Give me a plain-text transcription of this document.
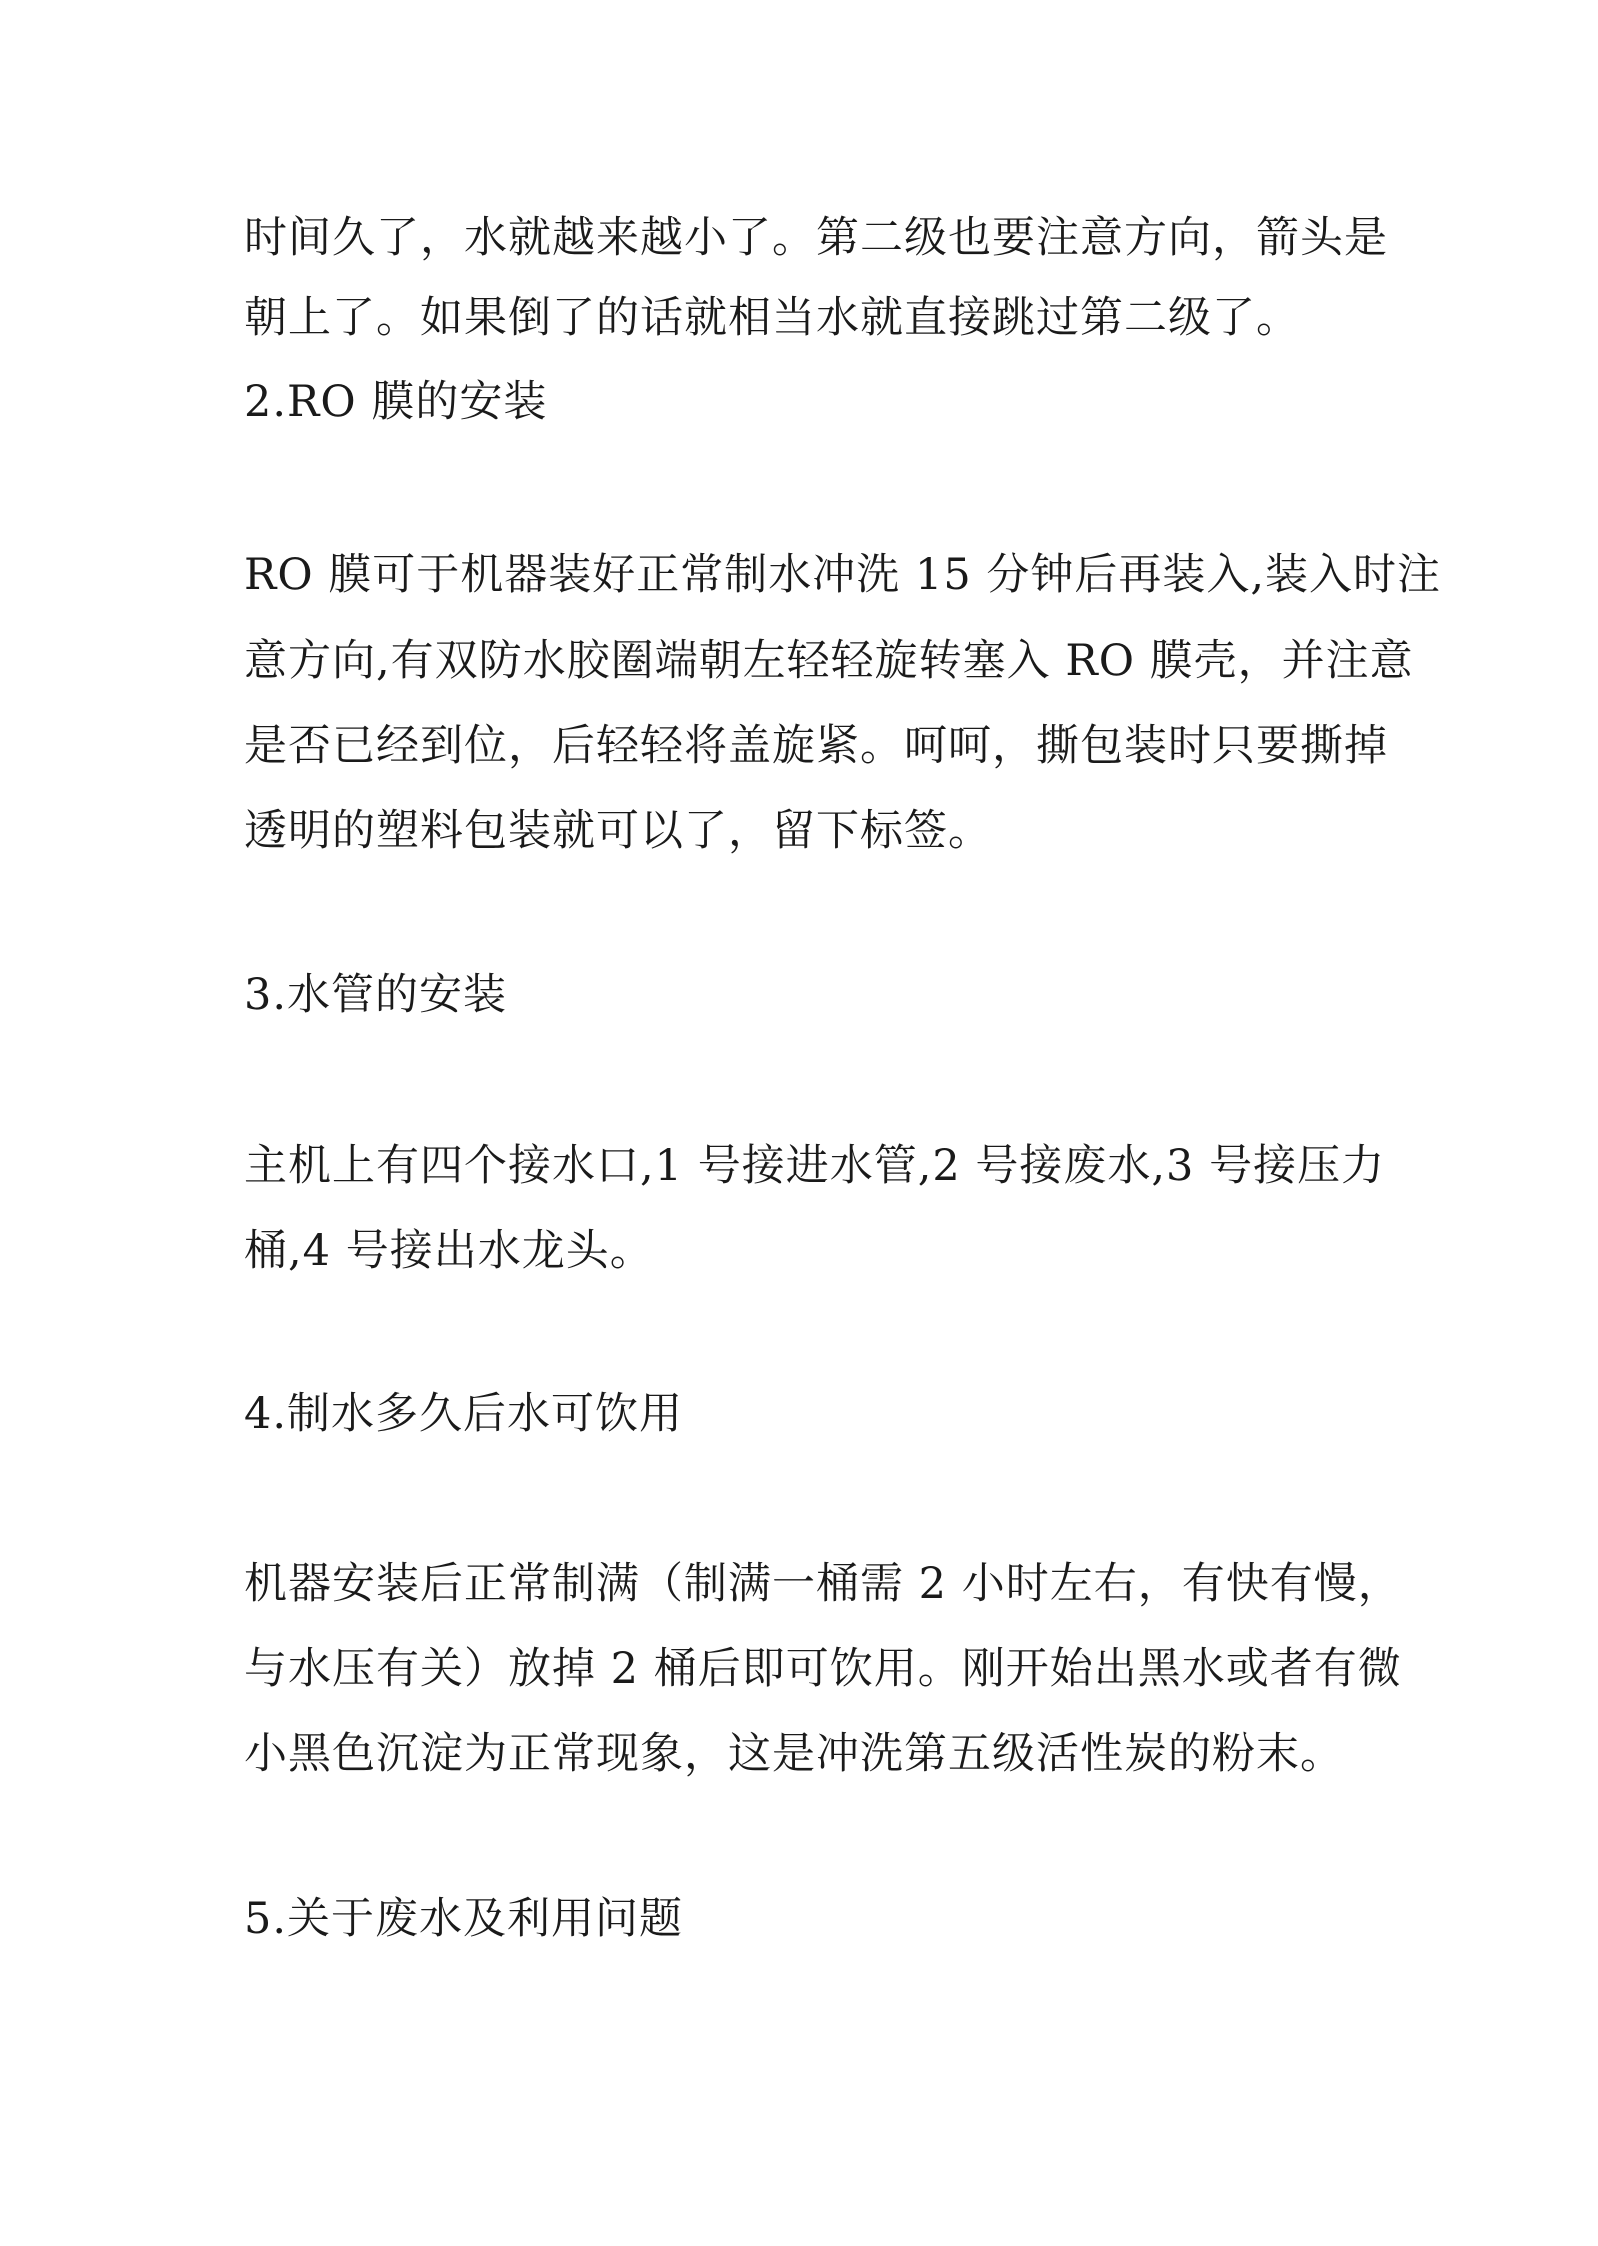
时间久了，水就越来越小了。第二级也要注意方向，箭头是
朝上了。如果倒了的话就相当水就直接跳过第二级了。
2.RO 膜的安装
RO 膜可于机器装好正常制水冲洗 15 分钟后再装入,装入时注
意方向,有双防水胶圈端朝左轻轻旋转塞入 RO 膜壳，并注意
是否已经到位，后轻轻将盖旋紧。呵呵，撕包装时只要撕掉
透明的塑料包装就可以了，留下标签。
3.水管的安装
主机上有四个接水口,1 号接进水管,2 号接废水,3 号接压力
桶,4 号接出水龙头。
4.制水多久后水可饮用
机器安装后正常制满（制满一桶需 2 小时左右，有快有慢，
与水压有关）放掉 2 桶后即可饮用。刚开始出黑水或者有微
小黑色沉淀为正常现象，这是冲洗第五级活性炭的粉末。
5.关于废水及利用问题
